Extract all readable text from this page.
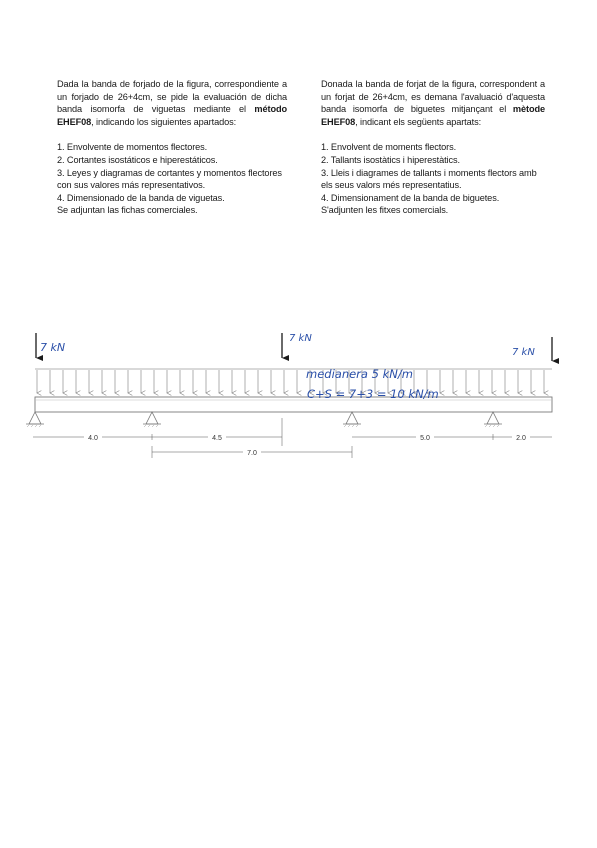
Dada la banda de forjado de la figura, correspondiente a un forjado de 26+4cm, se pide la evaluación de dicha banda isomorfa de viguetas mediante el método EHEF08, indicando los siguientes apartados:

1. Envolvente de momentos flectores.
2. Cortantes isostáticos e hiperestáticos.
3. Leyes y diagramas de cortantes y momentos flectores con sus valores más representativos.
4. Dimensionado de la banda de viguetas.
Se adjuntan las fichas comerciales.

Donada la banda de forjat de la figura, correspondent a un forjat de 26+4cm, es demana l'avaluació d'aquesta banda isomorfa de biguetes mitjançant el mètode EHEF08, indicant els següents apartats:

1. Envolvent de moments flectors.
2. Tallants isostàtics i hiperestàtics.
3. Lleis i diagrames de tallants i moments flectors amb els seus valors més representatius.
4. Dimensionament de la banda de biguetes.
S'adjunten les fitxes comercials.
7 kN
7 kN
7 kN
medianera 5 kN/m
C+S = 7+3 = 10 kN/m
4.0	4.5
7.0
5.0	2.0
